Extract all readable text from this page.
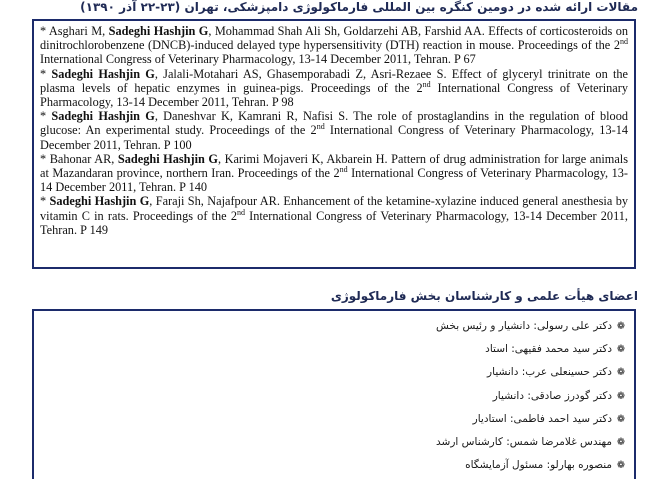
مقالات ارائه شده در دومین کنگره بین المللی فارماکولوژی دامپزشکی، تهران (۲۳-۲۲ آذر ۱۳۹۰)

* Asghari M, Sadeghi Hashjin G, Mohammad Shah Ali Sh, Goldarzehi AB, Farshid AA. Effects of corticosteroids on dinitrochlorobenzene (DNCB)-induced delayed type hypersensitivity (DTH) reaction in mouse. Proceedings of the 2nd International Congress of Veterinary Pharmacology, 13-14 December 2011, Tehran. P 67

* Sadeghi Hashjin G, Jalali-Motahari AS, Ghasemporabadi Z, Asri-Rezaee S. Effect of glyceryl trinitrate on the plasma levels of hepatic enzymes in guinea-pigs. Proceedings of the 2nd International Congress of Veterinary Pharmacology, 13-14 December 2011, Tehran. P 98

* Sadeghi Hashjin G, Daneshvar K, Kamrani R, Nafisi S. The role of prostaglandins in the regulation of blood glucose: An experimental study. Proceedings of the 2nd International Congress of Veterinary Pharmacology, 13-14 December 2011, Tehran. P 100

* Bahonar AR, Sadeghi Hashjin G, Karimi Mojaveri K, Akbarein H. Pattern of drug administration for large animals at Mazandaran province, northern Iran. Proceedings of the 2nd International Congress of Veterinary Pharmacology, 13-14 December 2011, Tehran. P 140

* Sadeghi Hashjin G, Faraji Sh, Najafpour AR. Enhancement of the ketamine-xylazine induced general anesthesia by vitamin C in rats. Proceedings of the 2nd International Congress of Veterinary Pharmacology, 13-14 December 2011, Tehran. P 149

اعضای هیأت علمی و کارشناسان بخش فارماکولوژی
❁
دکتر علی رسولی: دانشیار و رئیس بخش
❁
دکتر سید محمد فقیهی: استاد
❁
دکتر حسینعلی عرب: دانشیار
❁
دکتر گودرز صادقی: دانشیار
❁
دکتر سید احمد فاطمی: استادیار
❁
مهندس غلامرضا شمس: کارشناس ارشد
❁
منصوره بهارلو: مسئول آزمایشگاه
